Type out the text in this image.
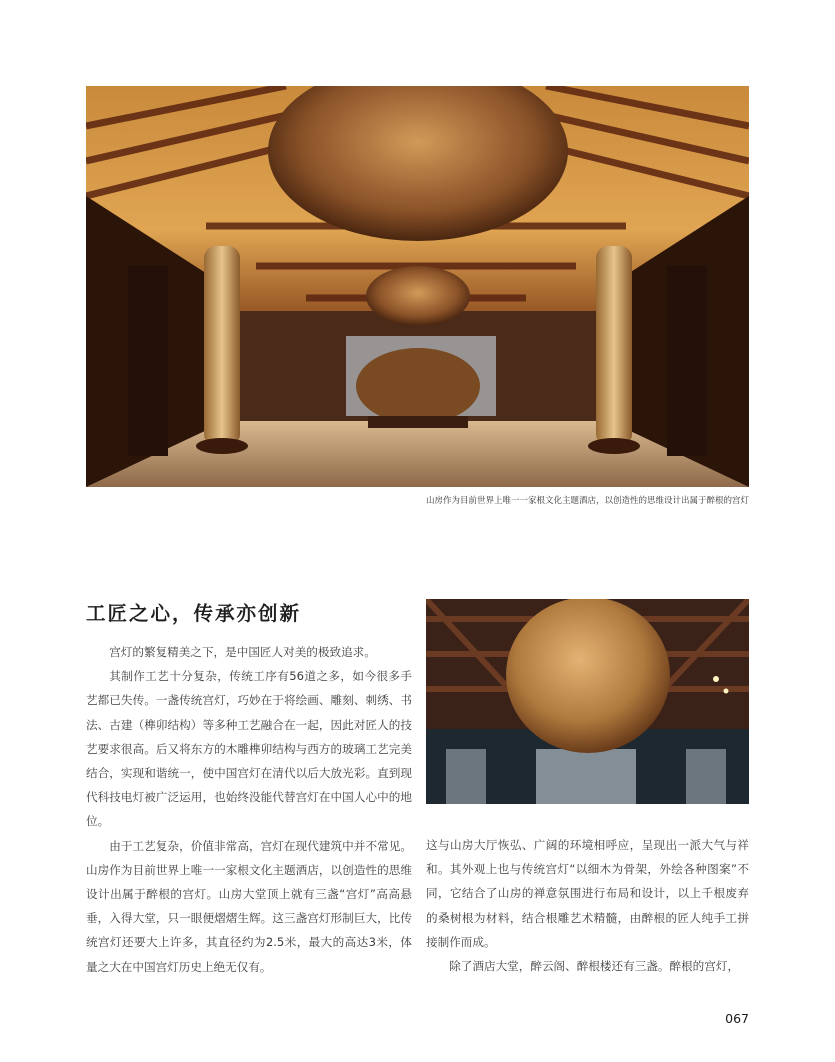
山房作为目前世界上唯一一家根文化主题酒店，以创造性的思维设计出属于醉根的宫灯
工匠之心，传承亦创新

宫灯的繁复精美之下，是中国匠人对美的极致追求。

其制作工艺十分复杂，传统工序有56道之多，如今很多手艺都已失传。一盏传统宫灯，巧妙在于将绘画、雕刻、刺绣、书法、古建（榫卯结构）等多种工艺融合在一起，因此对匠人的技艺要求很高。后又将东方的木雕榫卯结构与西方的玻璃工艺完美结合，实现和谐统一，使中国宫灯在清代以后大放光彩。直到现代科技电灯被广泛运用，也始终没能代替宫灯在中国人心中的地位。

由于工艺复杂，价值非常高，宫灯在现代建筑中并不常见。山房作为目前世界上唯一一家根文化主题酒店，以创造性的思维设计出属于醉根的宫灯。山房大堂顶上就有三盏“宫灯”高高悬垂，入得大堂，只一眼便熠熠生辉。这三盏宫灯形制巨大，比传统宫灯还要大上许多，其直径约为2.5米，最大的高达3米，体量之大在中国宫灯历史上绝无仅有。

这与山房大厅恢弘、广阔的环境相呼应，呈现出一派大气与祥和。其外观上也与传统宫灯“以细木为骨架，外绘各种图案”不同，它结合了山房的禅意氛围进行布局和设计，以上千根废弃的桑树根为材料，结合根雕艺术精髓，由醉根的匠人纯手工拼接制作而成。

除了酒店大堂，醉云阁、醉根楼还有三盏。醉根的宫灯，

067
